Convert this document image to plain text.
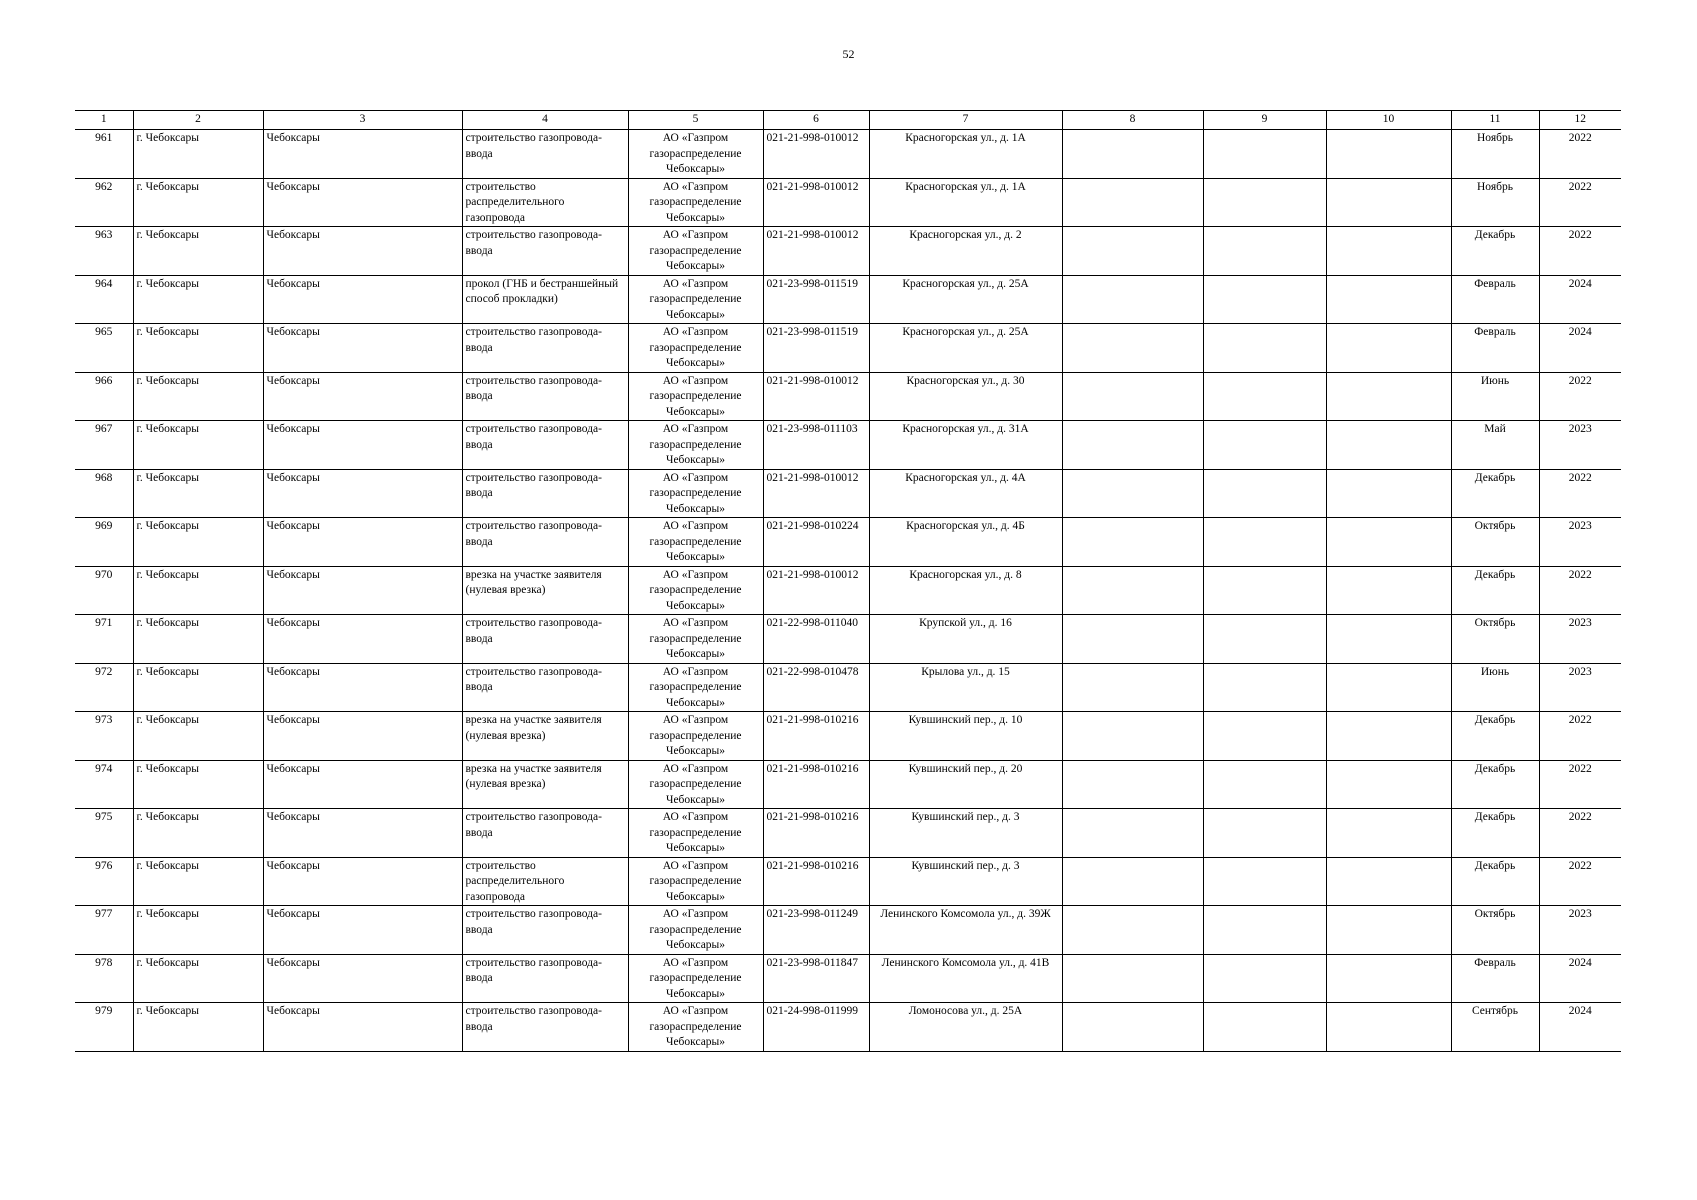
52
1	2	3	4	5	6	7	8	9	10	11	12
961	г. Чебоксары	Чебоксары	строительство газопровода-ввода	АО «Газпром газораспределение Чебоксары»	021-21-998-010012	Красногорская ул., д. 1А				Ноябрь	2022
962	г. Чебоксары	Чебоксары	строительство распределительного газопровода	АО «Газпром газораспределение Чебоксары»	021-21-998-010012	Красногорская ул., д. 1А				Ноябрь	2022
963	г. Чебоксары	Чебоксары	строительство газопровода-ввода	АО «Газпром газораспределение Чебоксары»	021-21-998-010012	Красногорская ул., д. 2				Декабрь	2022
964	г. Чебоксары	Чебоксары	прокол (ГНБ и бестраншейный способ прокладки)	АО «Газпром газораспределение Чебоксары»	021-23-998-011519	Красногорская ул., д. 25А				Февраль	2024
965	г. Чебоксары	Чебоксары	строительство газопровода-ввода	АО «Газпром газораспределение Чебоксары»	021-23-998-011519	Красногорская ул., д. 25А				Февраль	2024
966	г. Чебоксары	Чебоксары	строительство газопровода-ввода	АО «Газпром газораспределение Чебоксары»	021-21-998-010012	Красногорская ул., д. 30				Июнь	2022
967	г. Чебоксары	Чебоксары	строительство газопровода-ввода	АО «Газпром газораспределение Чебоксары»	021-23-998-011103	Красногорская ул., д. 31А				Май	2023
968	г. Чебоксары	Чебоксары	строительство газопровода-ввода	АО «Газпром газораспределение Чебоксары»	021-21-998-010012	Красногорская ул., д. 4А				Декабрь	2022
969	г. Чебоксары	Чебоксары	строительство газопровода-ввода	АО «Газпром газораспределение Чебоксары»	021-21-998-010224	Красногорская ул., д. 4Б				Октябрь	2023
970	г. Чебоксары	Чебоксары	врезка на участке заявителя (нулевая врезка)	АО «Газпром газораспределение Чебоксары»	021-21-998-010012	Красногорская ул., д. 8				Декабрь	2022
971	г. Чебоксары	Чебоксары	строительство газопровода-ввода	АО «Газпром газораспределение Чебоксары»	021-22-998-011040	Крупской ул., д. 16				Октябрь	2023
972	г. Чебоксары	Чебоксары	строительство газопровода-ввода	АО «Газпром газораспределение Чебоксары»	021-22-998-010478	Крылова ул., д. 15				Июнь	2023
973	г. Чебоксары	Чебоксары	врезка на участке заявителя (нулевая врезка)	АО «Газпром газораспределение Чебоксары»	021-21-998-010216	Кувшинский пер., д. 10				Декабрь	2022
974	г. Чебоксары	Чебоксары	врезка на участке заявителя (нулевая врезка)	АО «Газпром газораспределение Чебоксары»	021-21-998-010216	Кувшинский пер., д. 20				Декабрь	2022
975	г. Чебоксары	Чебоксары	строительство газопровода-ввода	АО «Газпром газораспределение Чебоксары»	021-21-998-010216	Кувшинский пер., д. 3				Декабрь	2022
976	г. Чебоксары	Чебоксары	строительство распределительного газопровода	АО «Газпром газораспределение Чебоксары»	021-21-998-010216	Кувшинский пер., д. 3				Декабрь	2022
977	г. Чебоксары	Чебоксары	строительство газопровода-ввода	АО «Газпром газораспределение Чебоксары»	021-23-998-011249	Ленинского Комсомола ул., д. 39Ж				Октябрь	2023
978	г. Чебоксары	Чебоксары	строительство газопровода-ввода	АО «Газпром газораспределение Чебоксары»	021-23-998-011847	Ленинского Комсомола ул., д. 41В				Февраль	2024
979	г. Чебоксары	Чебоксары	строительство газопровода-ввода	АО «Газпром газораспределение Чебоксары»	021-24-998-011999	Ломоносова ул., д. 25А				Сентябрь	2024
